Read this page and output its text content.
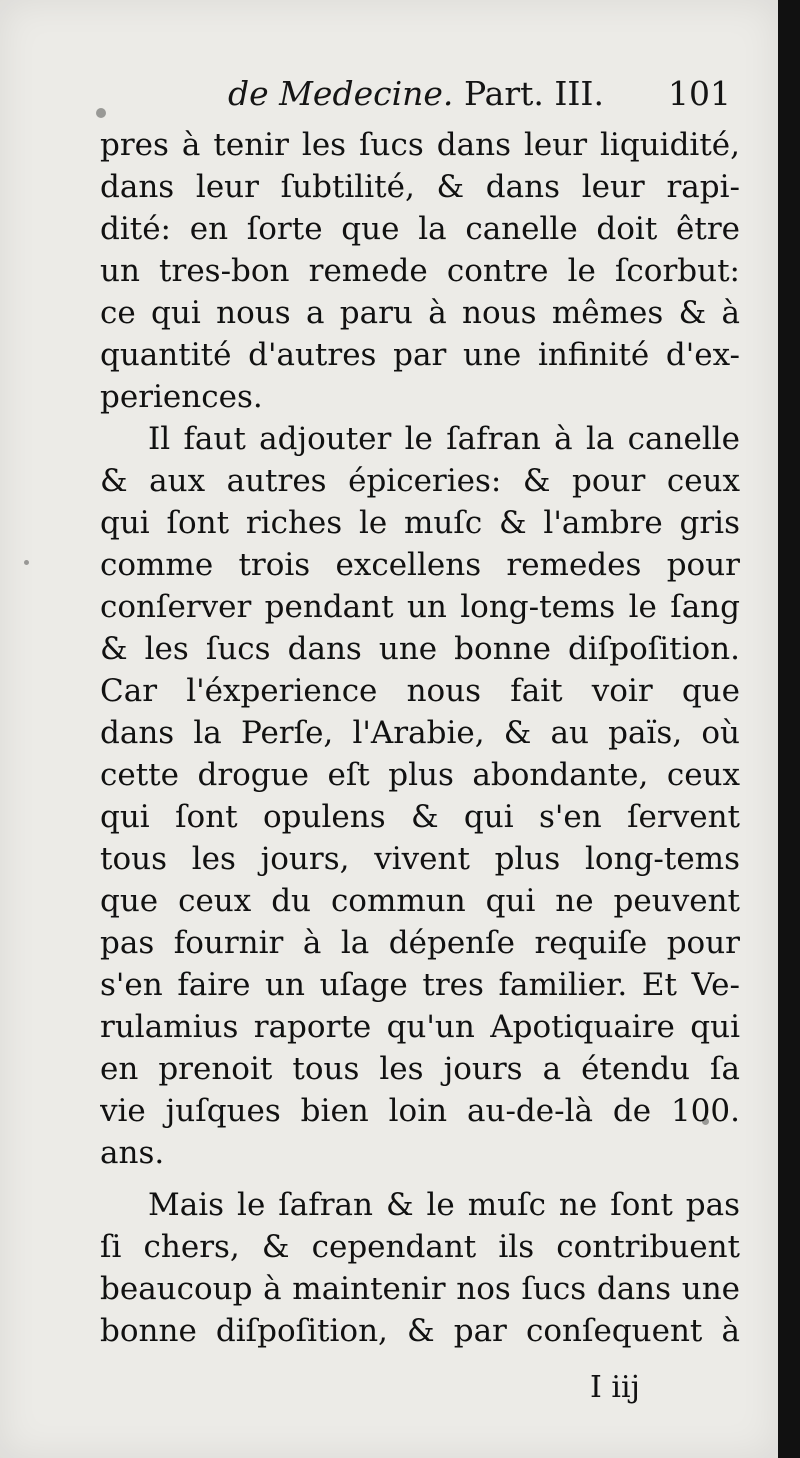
de Medecine. Part. III. 101
pres à tenir les ſucs dans leur liquidité,
dans leur ſubtilité, & dans leur rapi-
dité: en ſorte que la canelle doit être
un tres-bon remede contre le ſcorbut:
ce qui nous a paru à nous mêmes & à
quantité d'autres par une infinité d'ex-
periences.
Il faut adjouter le ſafran à la canelle
& aux autres épiceries: & pour ceux
qui ſont riches le muſc & l'ambre gris
comme trois excellens remedes pour
conſerver pendant un long-tems le ſang
& les ſucs dans une bonne diſpoſition.
Car l'éxperience nous fait voir que
dans la Perſe, l'Arabie, & au païs, où
cette drogue eſt plus abondante, ceux
qui ſont opulens & qui s'en ſervent
tous les jours, vivent plus long-tems
que ceux du commun qui ne peuvent
pas fournir à la dépenſe requiſe pour
s'en faire un uſage tres familier. Et Ve-
rulamius raporte qu'un Apotiquaire qui
en prenoit tous les jours a étendu ſa
vie juſques bien loin au-de-là de 100.
ans.
Mais le ſafran & le muſc ne ſont pas
ſi chers, & cependant ils contribuent
beaucoup à maintenir nos ſucs dans une
bonne diſpoſition, & par conſequent à
I iij
